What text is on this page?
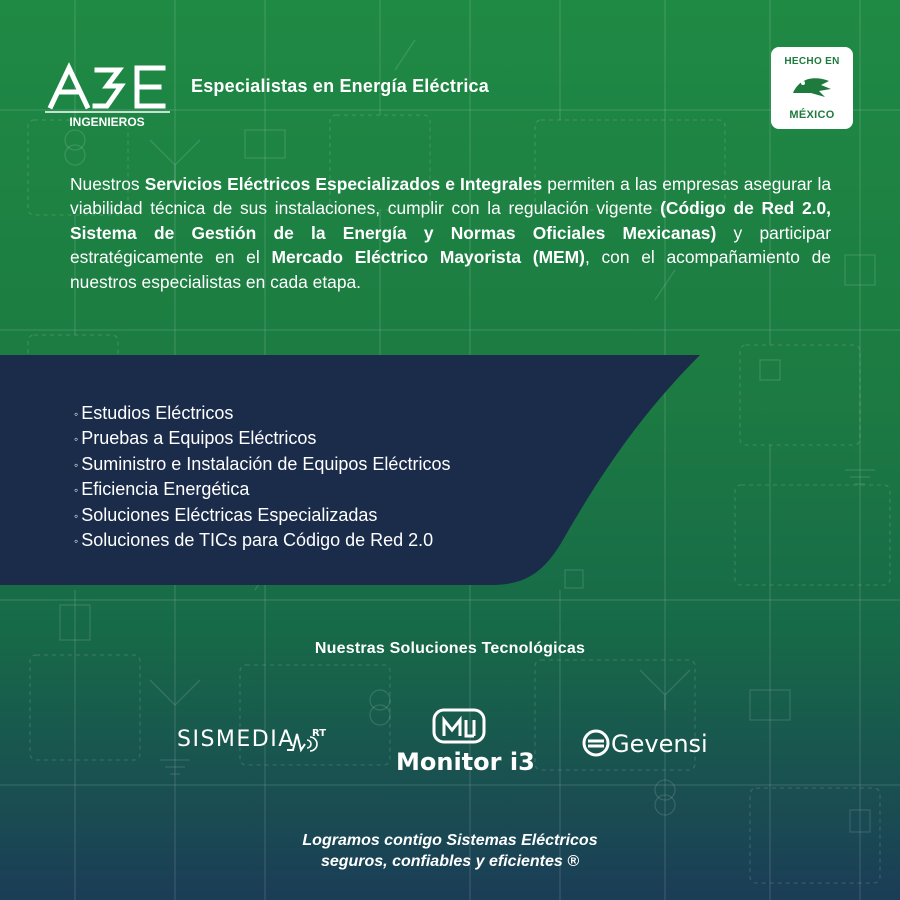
INGENIEROS
Especialistas en Energía Eléctrica
HECHO EN
MÉXICO

Nuestros Servicios Eléctricos Especializados e Integrales permiten a las empresas asegurar la viabilidad técnica de sus instalaciones, cumplir con la regulación vigente (Código de Red 2.0, Sistema de Gestión de la Energía y Normas Oficiales Mexicanas) y participar estratégicamente en el Mercado Eléctrico Mayorista (MEM), con el acompañamiento de nuestros especialistas en cada etapa.

◦ Estudios Eléctricos
◦ Pruebas a Equipos Eléctricos
◦ Suministro e Instalación de Equipos Eléctricos
◦ Eficiencia Energética
◦ Soluciones Eléctricas Especializadas
◦ Soluciones de TICs para Código de Red 2.0
Nuestras Soluciones Tecnológicas
SISMEDIA RT
Monitor i3
Gevensi
Logramos contigo Sistemas Eléctricos
seguros, confiables y eficientes ®
